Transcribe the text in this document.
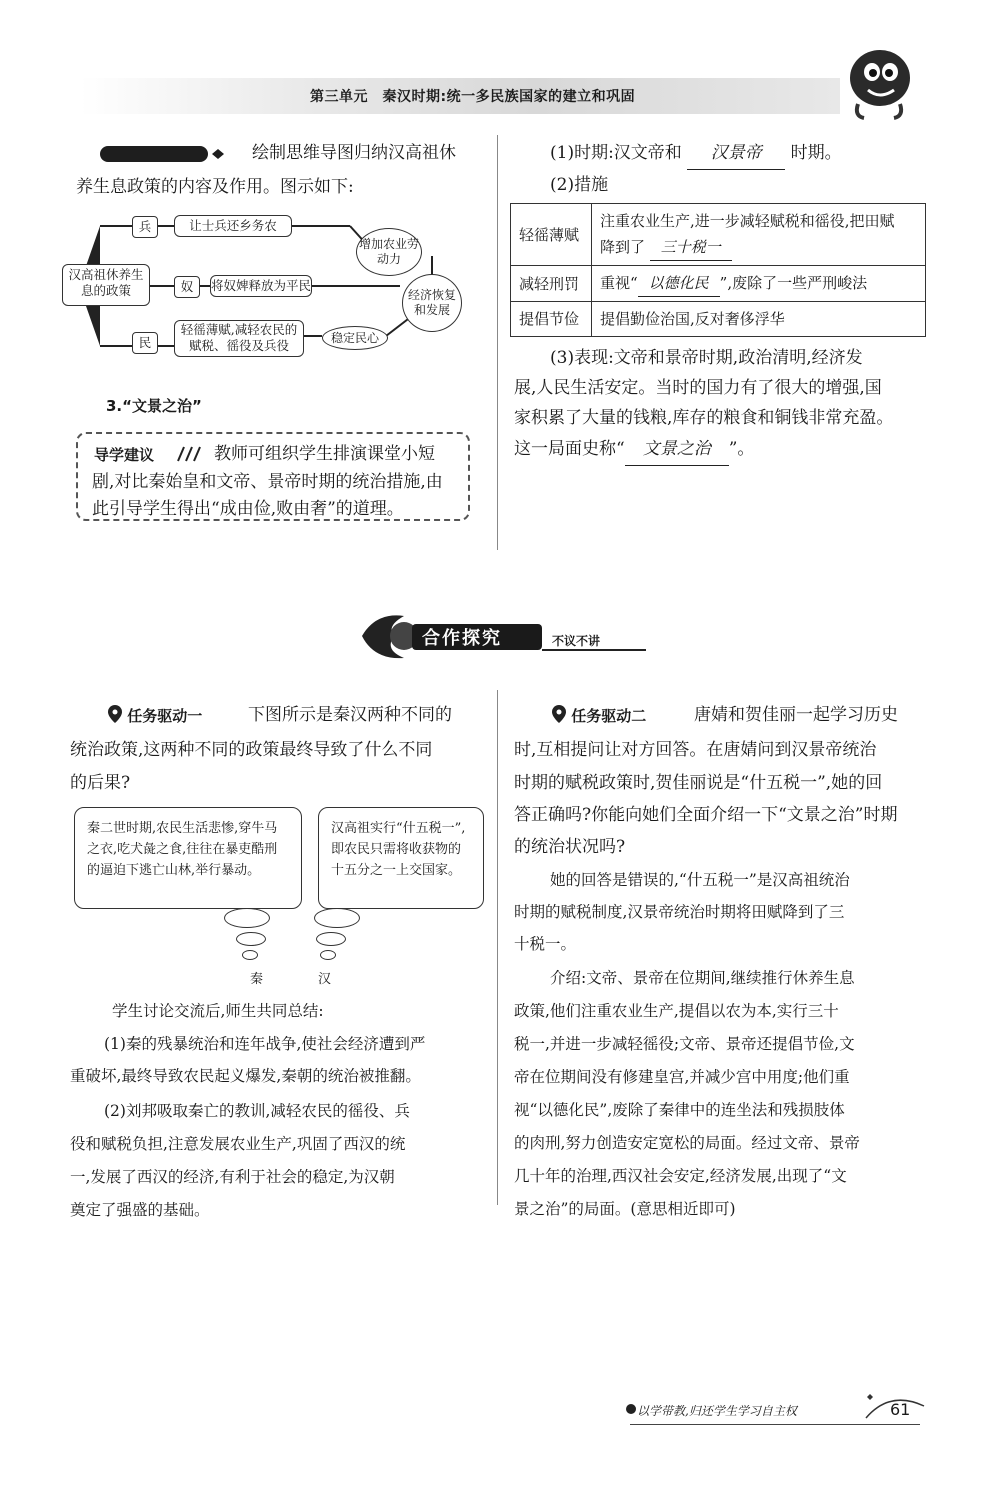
第三单元　秦汉时期:统一多民族国家的建立和巩固
绘制思维导图归纳汉高祖休
养生息政策的内容及作用。图示如下:
汉高祖休养生息的政策
兵	让士兵还乡务农
奴	将奴婢释放为平民
民
轻徭薄赋,减轻农民的赋税、徭役及兵役
增加农业劳动力
稳定民心
经济恢复和发展
3.“文景之治”
导学建议	教师可组织学生排演课堂小短
剧,对比秦始皇和文帝、景帝时期的统治措施,由
此引导学生得出“成由俭,败由奢”的道理。
(1)时期:汉文帝和 汉景帝 时期。
(2)措施
轻徭薄赋	注重农业生产,进一步减轻赋税和徭役,把田赋
降到了 三十税一

减轻刑罚	重视“ 以德化民 ”,废除了一些严刑峻法
提倡节俭	提倡勤俭治国,反对奢侈浮华
(3)表现:文帝和景帝时期,政治清明,经济发
展,人民生活安定。当时的国力有了很大的增强,国
家积累了大量的钱粮,库存的粮食和铜钱非常充盈。
这一局面史称“ 文景之治 ”。
合作探究	不议不讲
任务驱动一	下图所示是秦汉两种不同的
统治政策,这两种不同的政策最终导致了什么不同
的后果?
秦二世时期,农民生活悲惨,穿牛马之衣,吃犬彘之食,往往在暴吏酷刑的逼迫下逃亡山林,举行暴动。
汉高祖实行“什五税一”,即农民只需将收获物的十五分之一上交国家。
秦	汉
学生讨论交流后,师生共同总结:
(1)秦的残暴统治和连年战争,使社会经济遭到严
重破坏,最终导致农民起义爆发,秦朝的统治被推翻。
(2)刘邦吸取秦亡的教训,减轻农民的徭役、兵
役和赋税负担,注意发展农业生产,巩固了西汉的统
一,发展了西汉的经济,有利于社会的稳定,为汉朝
奠定了强盛的基础。
任务驱动二	唐婧和贺佳丽一起学习历史
时,互相提问让对方回答。在唐婧问到汉景帝统治
时期的赋税政策时,贺佳丽说是“什五税一”,她的回
答正确吗?你能向她们全面介绍一下“文景之治”时期
的统治状况吗?
她的回答是错误的,“什五税一”是汉高祖统治
时期的赋税制度,汉景帝统治时期将田赋降到了三
十税一。
介绍:文帝、景帝在位期间,继续推行休养生息
政策,他们注重农业生产,提倡以农为本,实行三十
税一,并进一步减轻徭役;文帝、景帝还提倡节俭,文
帝在位期间没有修建皇宫,并减少宫中用度;他们重
视“以德化民”,废除了秦律中的连坐法和残损肢体
的肉刑,努力创造安定宽松的局面。经过文帝、景帝
几十年的治理,西汉社会安定,经济发展,出现了“文
景之治”的局面。(意思相近即可)
以学带教,归还学生学习自主权	61
